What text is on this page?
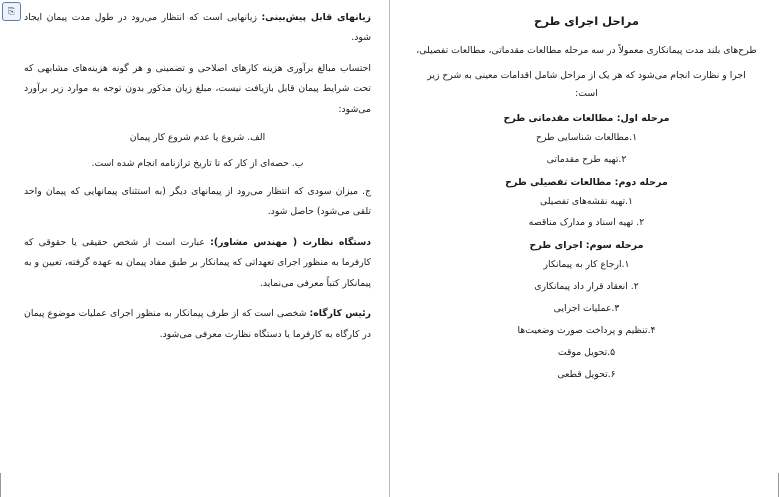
مراحل اجرای طرح

طرح‌های بلند مدت پیمانکاری معمولاً در سه مرحله مطالعات مقدماتی، مطالعات تفصیلی،

اجرا و نظارت انجام می‌شود که هر یک از مراحل شامل اقدامات معینی به شرح زیر است:

مرحله اول: مطالعات مقدماتی طرح
۱.مطالعات شناسایی طرح
۲.تهیه طرح مقدماتی
مرحله دوم: مطالعات تفصیلی طرح
۱.تهیه نقشه‌های تفصیلی
۲. تهیه اسناد و مدارک مناقصه
مرحله سوم: اجرای طرح
۱.ارجاع کار به پیمانکار
۲. انعقاد قرار داد پیمانکاری
۳.عملیات اجرایی
۴.تنظیم و پرداخت صورت وضعیت‌ها
۵.تحویل موقت
۶.تحویل قطعی

زیانهای قابل پیش‌بینی: زیانهایی است که انتظار می‌رود در طول مدت پیمان ایجاد شود.

احتساب مبالغ برآوری هزینه کارهای اصلاحی و تضمینی و هر گونه هزینه‌های مشابهی که تحت شرایط پیمان قابل بازیافت نیست، مبلغ زیان مذکور بدون توجه به موارد زیر برآورد می‌شود:

الف. شروع یا عدم شروع کار پیمان

ب. حصه‌ای از کار که تا تاریخ ترازنامه انجام شده است.

ج. میزان سودی که انتظار می‌رود از پیمانهای دیگر (به استثنای پیمانهایی که پیمان واحد تلقی می‌شود) حاصل شود.

دستگاه نظارت ( مهندس مشاور): عبارت است از شخص حقیقی یا حقوقی که کارفرما به منظور اجرای تعهداتی که پیمانکار بر طبق مفاد پیمان به عهده گرفته، تعیین و به پیمانکار کتباً معرفی می‌نماید.

رئیس کارگاه: شخصی است که از طرف پیمانکار به منظور اجرای عملیات موضوع پیمان در کارگاه به کارفرما یا دستگاه نظارت معرفی می‌شود.

⎘
